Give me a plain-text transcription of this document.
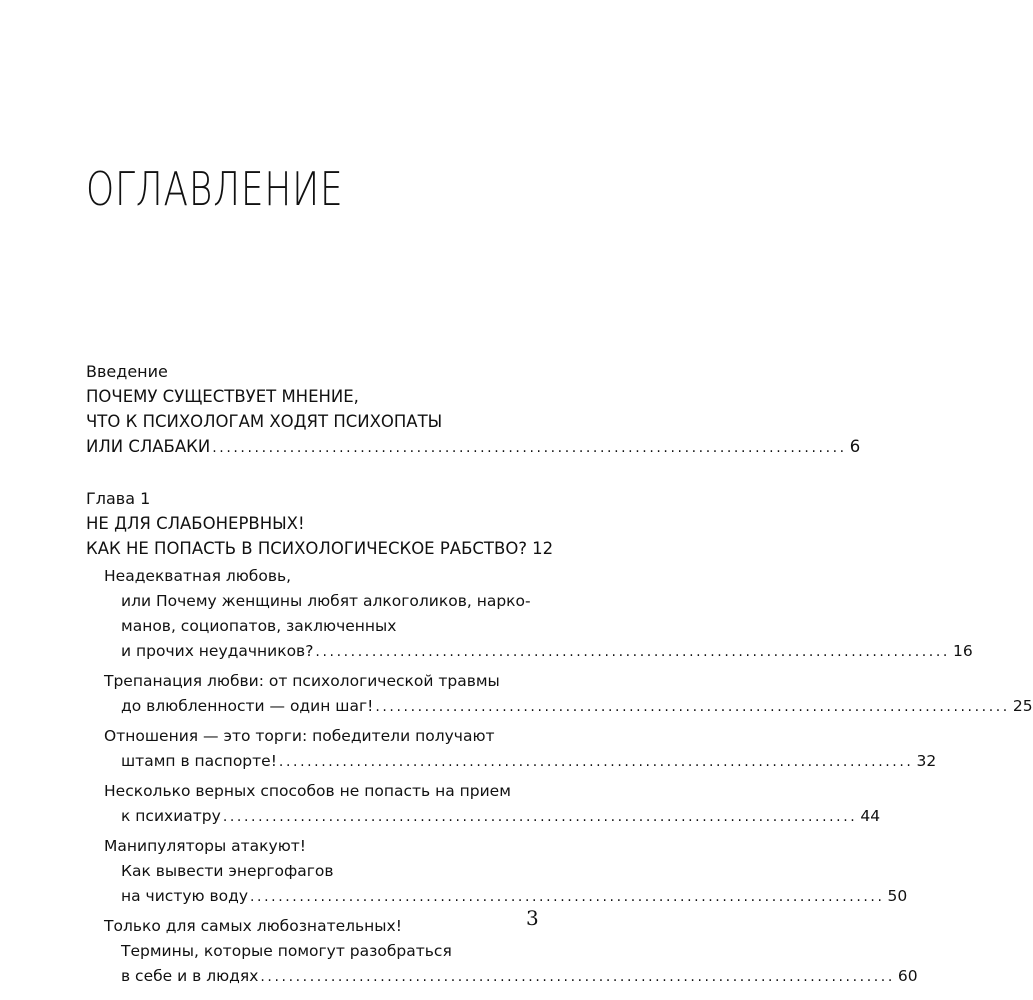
ОГЛАВЛЕНИЕ
Введение
ПОЧЕМУ СУЩЕСТВУЕТ МНЕНИЕ,
ЧТО К ПСИХОЛОГАМ ХОДЯТ ПСИХОПАТЫ
ИЛИ СЛАБАКИ .......................................................................................... 6
Глава 1
НЕ ДЛЯ СЛАБОНЕРВНЫХ!
КАК НЕ ПОПАСТЬ В ПСИХОЛОГИЧЕСКОЕ РАБСТВО? 12
Неадекватная любовь,
или Почему женщины любят алкоголиков, нарко-
манов, социопатов, заключенных
и прочих неудачников? .......................................................................................... 16
Трепанация любви: от психологической травмы
до влюбленности — один шаг! .......................................................................................... 25
Отношения — это торги: победители получают
штамп в паспорте! .......................................................................................... 32
Несколько верных способов не попасть на прием
к психиатру .......................................................................................... 44
Манипуляторы атакуют!
Как вывести энергофагов
на чистую воду .......................................................................................... 50
Только для самых любознательных!
Термины, которые помогут разобраться
в себе и в людях .......................................................................................... 60
3
